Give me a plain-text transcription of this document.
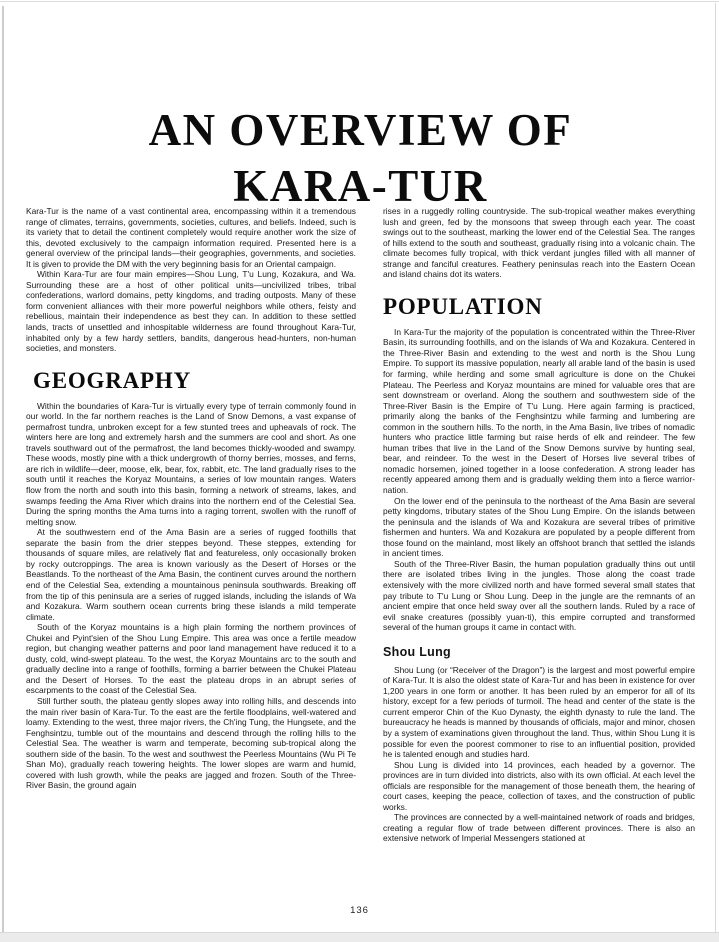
AN OVERVIEW OF
KARA-TUR

Kara-Tur is the name of a vast continental area, encompassing within it a tremendous range of climates, terrains, governments, societies, cultures, and beliefs. Indeed, such is its variety that to detail the continent completely would require another work the size of this, devoted exclusively to the campaign information required. Presented here is a general overview of the principal lands—their geographies, governments, and societies. It is given to provide the DM with the very beginning basis for an Oriental campaign.

Within Kara-Tur are four main empires—Shou Lung, T'u Lung, Kozakura, and Wa. Surrounding these are a host of other political units—uncivilized tribes, tribal confederations, warlord domains, petty kingdoms, and trading outposts. Many of these form convenient alliances with their more powerful neighbors while others, feisty and rebellious, maintain their independence as best they can. In addition to these settled lands, tracts of unsettled and inhospitable wilderness are found throughout Kara-Tur, inhabited only by a few hardy settlers, bandits, dangerous head-hunters, non-human societies, and monsters.

GEOGRAPHY

Within the boundaries of Kara-Tur is virtually every type of terrain commonly found in our world. In the far northern reaches is the Land of Snow Demons, a vast expanse of permafrost tundra, unbroken except for a few stunted trees and upheavals of rock. The winters here are long and extremely harsh and the summers are cool and short. As one travels southward out of the permafrost, the land becomes thickly-wooded and swampy. These woods, mostly pine with a thick undergrowth of thorny berries, mosses, and ferns, are rich in wildlife—deer, moose, elk, bear, fox, rabbit, etc. The land gradually rises to the south until it reaches the Koryaz Mountains, a series of low mountain ranges. Waters flow from the north and south into this basin, forming a network of streams, lakes, and swamps feeding the Ama River which drains into the northern end of the Celestial Sea. During the spring months the Ama turns into a raging torrent, swollen with the runoff of melting snow.

At the southwestern end of the Ama Basin are a series of rugged foothills that separate the basin from the drier steppes beyond. These steppes, extending for thousands of square miles, are relatively flat and featureless, only occasionally broken by rocky outcroppings. The area is known variously as the Desert of Horses or the Beastlands. To the northeast of the Ama Basin, the continent curves around the northern end of the Celestial Sea, extending a mountainous peninsula southwards. Breaking off from the tip of this peninsula are a series of rugged islands, including the islands of Wa and Kozakura. Warm southern ocean currents bring these islands a mild temperate climate.

South of the Koryaz mountains is a high plain forming the northern provinces of Chukei and Pyint'sien of the Shou Lung Empire. This area was once a fertile meadow region, but changing weather patterns and poor land management have reduced it to a dusty, cold, wind-swept plateau. To the west, the Koryaz Mountains arc to the south and gradually decline into a range of foothills, forming a barrier between the Chukei Plateau and the Desert of Horses. To the east the plateau drops in an abrupt series of escarpments to the coast of the Celestial Sea.

Still further south, the plateau gently slopes away into rolling hills, and descends into the main river basin of Kara-Tur. To the east are the fertile floodplains, well-watered and loamy. Extending to the west, three major rivers, the Ch'ing Tung, the Hungsete, and the Fenghsintzu, tumble out of the mountains and descend through the rolling hills to the Celestial Sea. The weather is warm and temperate, becoming sub-tropical along the southern side of the basin. To the west and southwest the Peerless Mountains (Wu Pi Te Shan Mo), gradually reach towering heights. The lower slopes are warm and humid, covered with lush growth, while the peaks are jagged and frozen. South of the Three-River Basin, the ground again

rises in a ruggedly rolling countryside. The sub-tropical weather makes everything lush and green, fed by the monsoons that sweep through each year. The coast swings out to the southeast, marking the lower end of the Celestial Sea. The ranges of hills extend to the south and southeast, gradually rising into a volcanic chain. The climate becomes fully tropical, with thick verdant jungles filled with all manner of strange and fanciful creatures. Feathery peninsulas reach into the Eastern Ocean and island chains dot its waters.

POPULATION

In Kara-Tur the majority of the population is concentrated within the Three-River Basin, its surrounding foothills, and on the islands of Wa and Kozakura. Centered in the Three-River Basin and extending to the west and north is the Shou Lung Empire. To support its massive population, nearly all arable land of the basin is used for farming, while herding and some small agriculture is done on the Chukei Plateau. The Peerless and Koryaz mountains are mined for valuable ores that are sent downstream or overland. Along the southern and southwestern side of the Three-River Basin is the Empire of T'u Lung. Here again farming is practiced, primarily along the banks of the Fenghsintzu while farming and lumbering are common in the southern hills. To the north, in the Ama Basin, live tribes of nomadic hunters who practice little farming but raise herds of elk and reindeer. The few human tribes that live in the Land of the Snow Demons survive by hunting seal, bear, and reindeer. To the west in the Desert of Horses live several tribes of nomadic horsemen, joined together in a loose confederation. A strong leader has recently appeared among them and is gradually welding them into a fierce warrior-nation.

On the lower end of the peninsula to the northeast of the Ama Basin are several petty kingdoms, tributary states of the Shou Lung Empire. On the islands between the peninsula and the islands of Wa and Kozakura are several tribes of primitive fishermen and hunters. Wa and Kozakura are populated by a people different from those found on the mainland, most likely an offshoot branch that settled the islands in ancient times.

South of the Three-River Basin, the human population gradually thins out until there are isolated tribes living in the jungles. Those along the coast trade extensively with the more civilized north and have formed several small states that pay tribute to T'u Lung or Shou Lung. Deep in the jungle are the remnants of an ancient empire that once held sway over all the southern lands. Ruled by a race of evil snake creatures (possibly yuan-ti), this empire corrupted and transformed several of the human groups it came in contact with.

Shou Lung

Shou Lung (or “Receiver of the Dragon”) is the largest and most powerful empire of Kara-Tur. It is also the oldest state of Kara-Tur and has been in existence for over 1,200 years in one form or another. It has been ruled by an emperor for all of its history, except for a few periods of turmoil. The head and center of the state is the current emperor Chin of the Kuo Dynasty, the eighth dynasty to rule the land. The bureaucracy he heads is manned by thousands of officials, major and minor, chosen by a system of examinations given throughout the land. Thus, within Shou Lung it is possible for even the poorest commoner to rise to an influential position, provided he is talented enough and studies hard.

Shou Lung is divided into 14 provinces, each headed by a governor. The provinces are in turn divided into districts, also with its own official. At each level the officials are responsible for the management of those beneath them, the hearing of court cases, keeping the peace, collection of taxes, and the construction of public works.

The provinces are connected by a well-maintained network of roads and bridges, creating a regular flow of trade between different provinces. There is also an extensive network of Imperial Messengers stationed at

136
